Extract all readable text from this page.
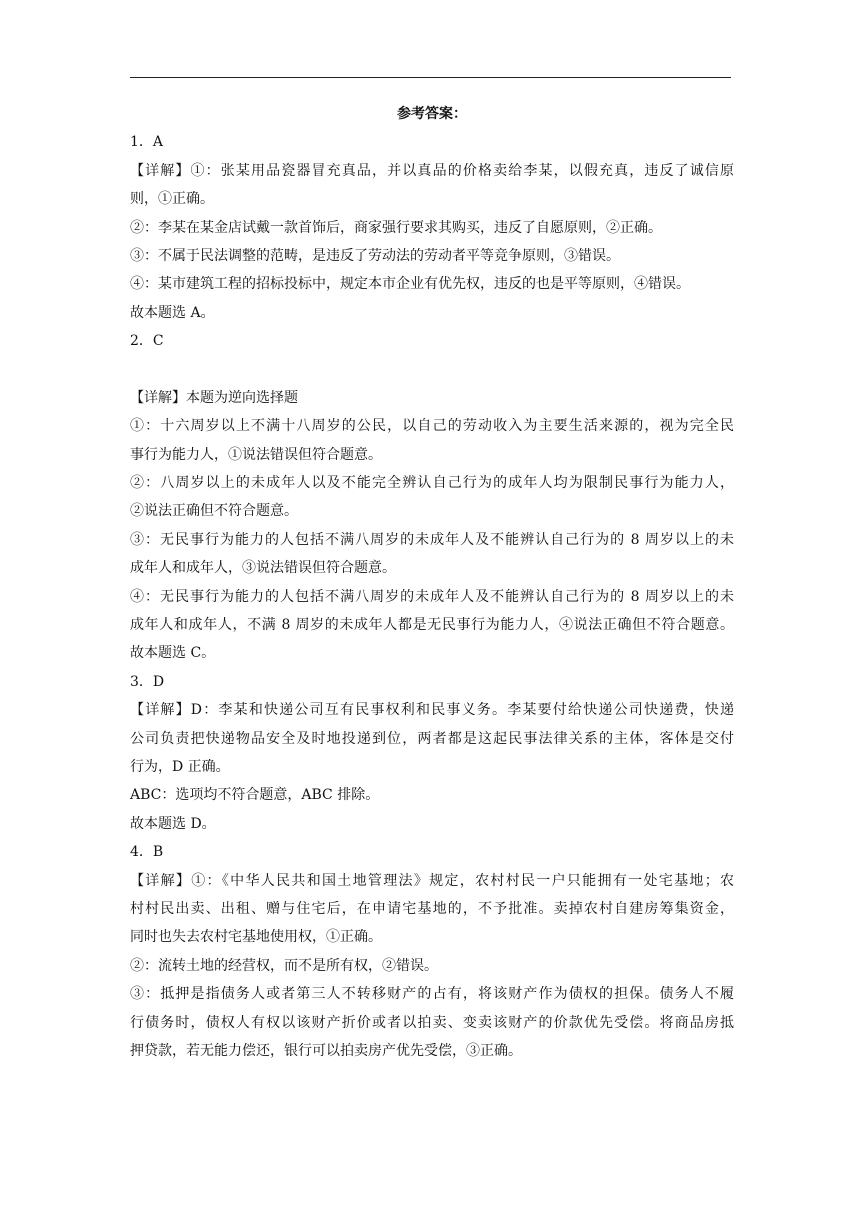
参考答案：
1．A
【详解】①：张某用品瓷器冒充真品，并以真品的价格卖给李某，以假充真，违反了诚信原
则，①正确。
②：李某在某金店试戴一款首饰后，商家强行要求其购买，违反了自愿原则，②正确。
③：不属于民法调整的范畴，是违反了劳动法的劳动者平等竞争原则，③错误。
④：某市建筑工程的招标投标中，规定本市企业有优先权，违反的也是平等原则，④错误。
故本题选 A。
2．C
【详解】本题为逆向选择题
①：十六周岁以上不满十八周岁的公民，以自己的劳动收入为主要生活来源的，视为完全民
事行为能力人，①说法错误但符合题意。
②：八周岁以上的未成年人以及不能完全辨认自己行为的成年人均为限制民事行为能力人，
②说法正确但不符合题意。
③：无民事行为能力的人包括不满八周岁的未成年人及不能辨认自己行为的 8 周岁以上的未
成年人和成年人，③说法错误但符合题意。
④：无民事行为能力的人包括不满八周岁的未成年人及不能辨认自己行为的 8 周岁以上的未
成年人和成年人，不满 8 周岁的未成年人都是无民事行为能力人，④说法正确但不符合题意。
故本题选 C。
3．D
【详解】D：李某和快递公司互有民事权利和民事义务。李某要付给快递公司快递费，快递
公司负责把快递物品安全及时地投递到位，两者都是这起民事法律关系的主体，客体是交付
行为，D 正确。
ABC：选项均不符合题意，ABC 排除。
故本题选 D。
4．B
【详解】①：《中华人民共和国土地管理法》规定，农村村民一户只能拥有一处宅基地；农
村村民出卖、出租、赠与住宅后，在申请宅基地的，不予批准。卖掉农村自建房筹集资金，
同时也失去农村宅基地使用权，①正确。
②：流转土地的经营权，而不是所有权，②错误。
③：抵押是指债务人或者第三人不转移财产的占有，将该财产作为债权的担保。债务人不履
行债务时，债权人有权以该财产折价或者以拍卖、变卖该财产的价款优先受偿。将商品房抵
押贷款，若无能力偿还，银行可以拍卖房产优先受偿，③正确。
